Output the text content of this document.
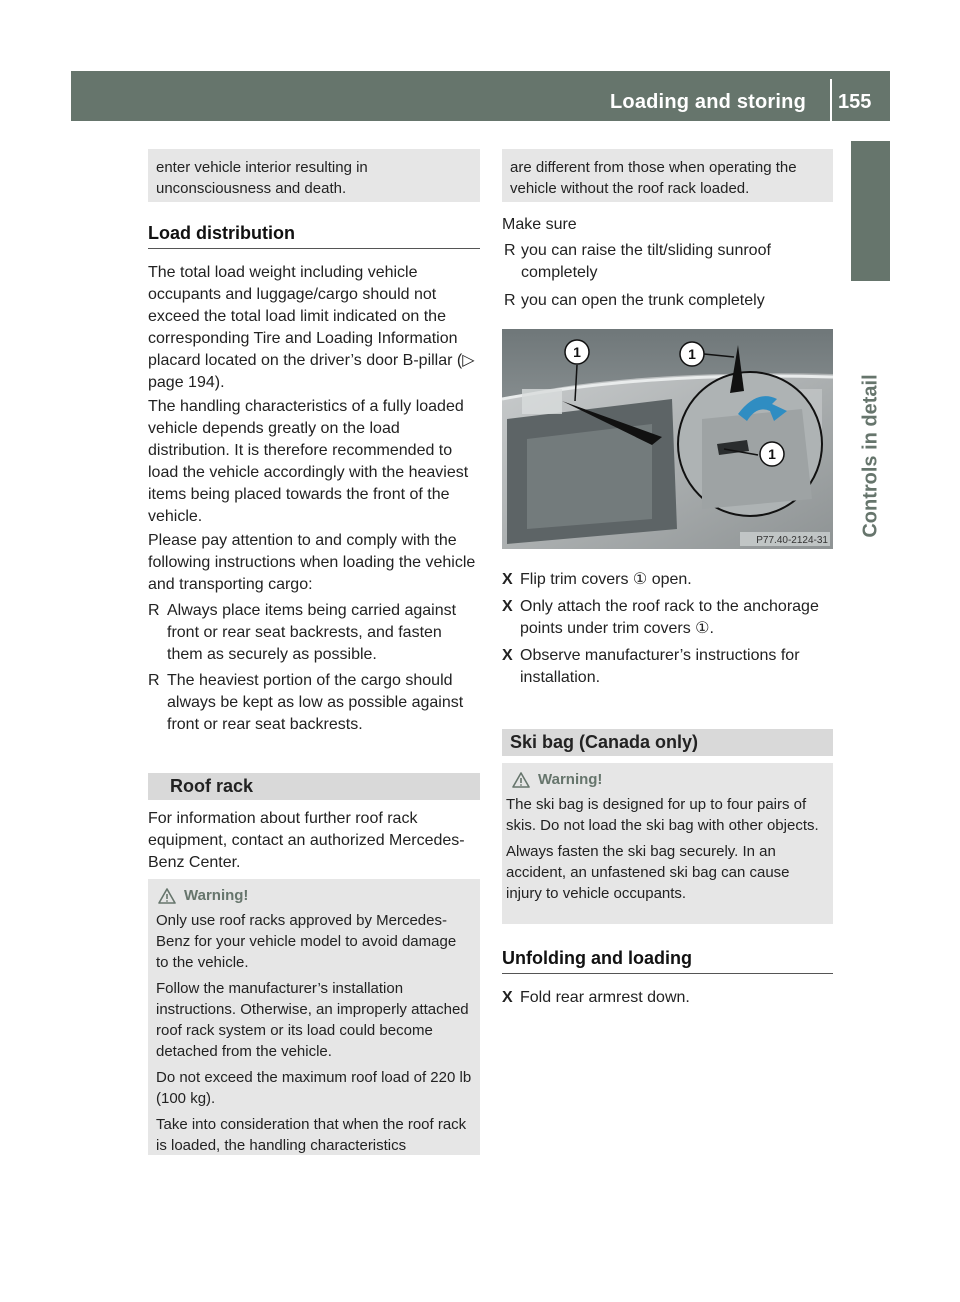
Loading and storing 155
Controls in detail

enter vehicle interior resulting in

unconsciousness and death.

Load distribution

The total load weight including vehicle occupants and luggage/cargo should not exceed the total load limit indicated on the corresponding Tire and Loading Information placard located on the driver’s door B-pillar (▷ page 194).

The handling characteristics of a fully loaded vehicle depends greatly on the load distribution. It is therefore recommended to load the vehicle accordingly with the heaviest items being placed towards the front of the vehicle.

Please pay attention to and comply with the following instructions when loading the vehicle and transporting cargo:

R Always place items being carried against front or rear seat backrests, and fasten them as securely as possible.

R The heaviest portion of the cargo should always be kept as low as possible against front or rear seat backrests.

Roof rack

For information about further roof rack equipment, contact an authorized Mercedes-Benz Center.

Warning!

Only use roof racks approved by Mercedes-Benz for your vehicle model to avoid damage to the vehicle.

Follow the manufacturer’s installation instructions. Otherwise, an improperly attached roof rack system or its load could become detached from the vehicle.

Do not exceed the maximum roof load of 220 lb (100 kg).

Take into consideration that when the roof rack is loaded, the handling characteristics

are different from those when operating the

vehicle without the roof rack loaded.

Make sure

R you can raise the tilt/sliding sunroof completely

R you can open the trunk completely

1	1
1
P77.40-2124-31

X Flip trim covers ① open.

X Only attach the roof rack to the anchorage points under trim covers ①.

X Observe manufacturer’s instructions for installation.

Ski bag (Canada only)
Warning!

The ski bag is designed for up to four pairs of skis. Do not load the ski bag with other objects.

Always fasten the ski bag securely. In an accident, an unfastened ski bag can cause injury to vehicle occupants.

Unfolding and loading

X Fold rear armrest down.
